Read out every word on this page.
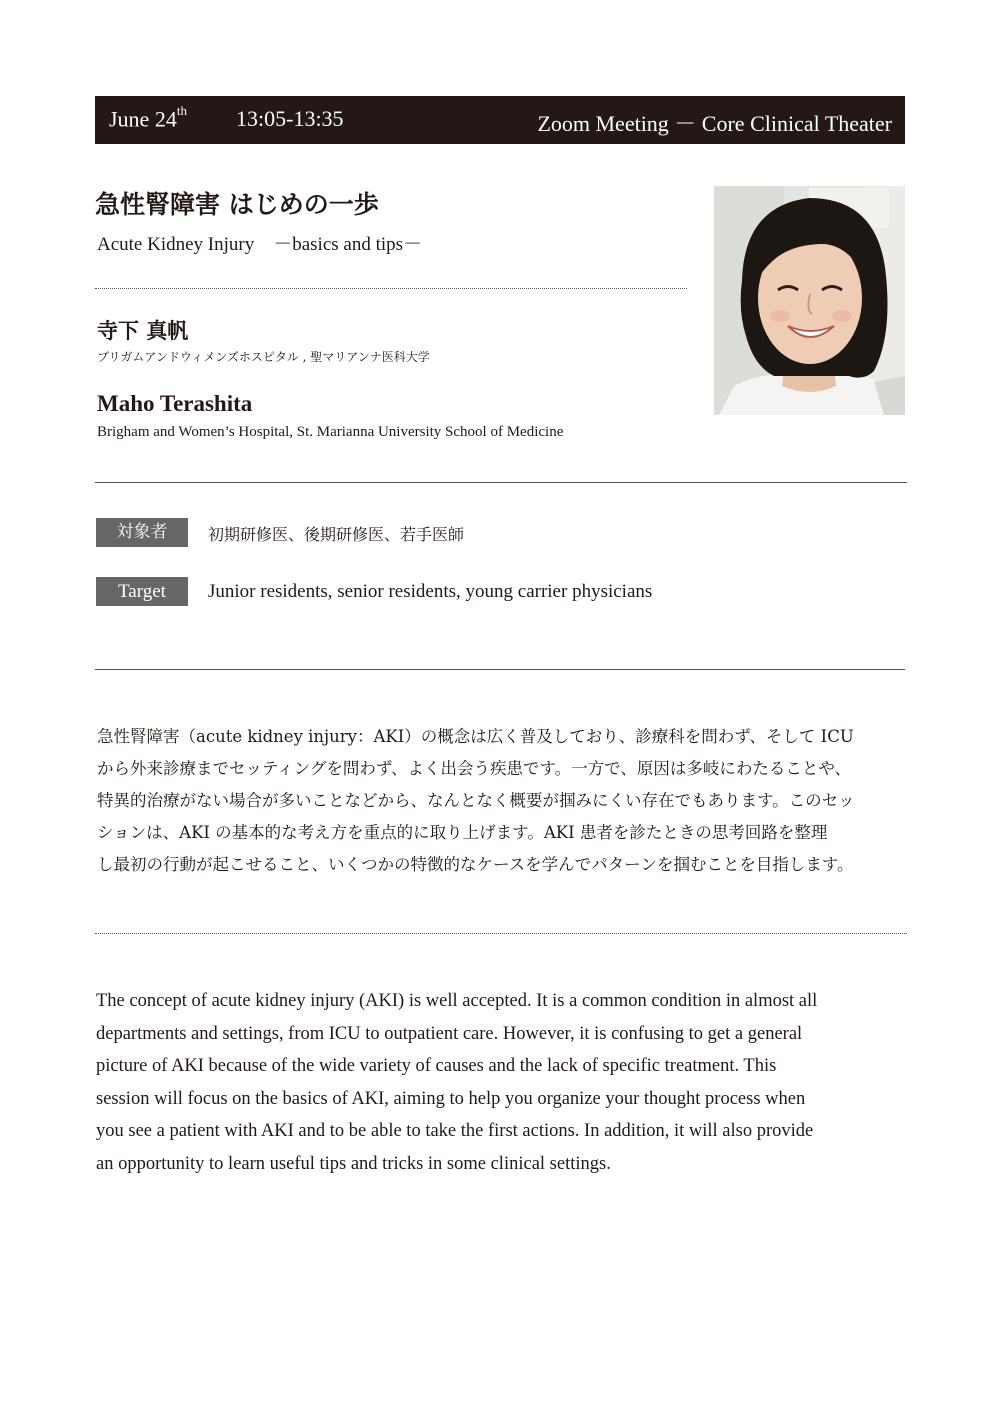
June 24th 13:05-13:35	Zoom Meeting － Core Clinical Theater
急性腎障害 はじめの一歩
Acute Kidney Injury　－basics and tips－
寺下 真帆
ブリガムアンドウィメンズホスピタル , 聖マリアンナ医科大学
Maho Terashita
Brigham and Women’s Hospital, St. Marianna University School of Medicine
対象者	初期研修医、後期研修医、若手医師
Target	Junior residents, senior residents, young carrier physicians
急性腎障害（acute kidney injury：AKI）の概念は広く普及しており、診療科を問わず、そして ICU
から外来診療までセッティングを問わず、よく出会う疾患です。一方で、原因は多岐にわたることや、
特異的治療がない場合が多いことなどから、なんとなく概要が掴みにくい存在でもあります。このセッ
ションは、AKI の基本的な考え方を重点的に取り上げます。AKI 患者を診たときの思考回路を整理
し最初の行動が起こせること、いくつかの特徴的なケースを学んでパターンを掴むことを目指します。
The concept of acute kidney injury (AKI) is well accepted. It is a common condition in almost all
departments and settings, from ICU to outpatient care. However, it is confusing to get a general
picture of AKI because of the wide variety of causes and the lack of specific treatment. This
session will focus on the basics of AKI, aiming to help you organize your thought process when
you see a patient with AKI and to be able to take the first actions. In addition, it will also provide
an opportunity to learn useful tips and tricks in some clinical settings.
